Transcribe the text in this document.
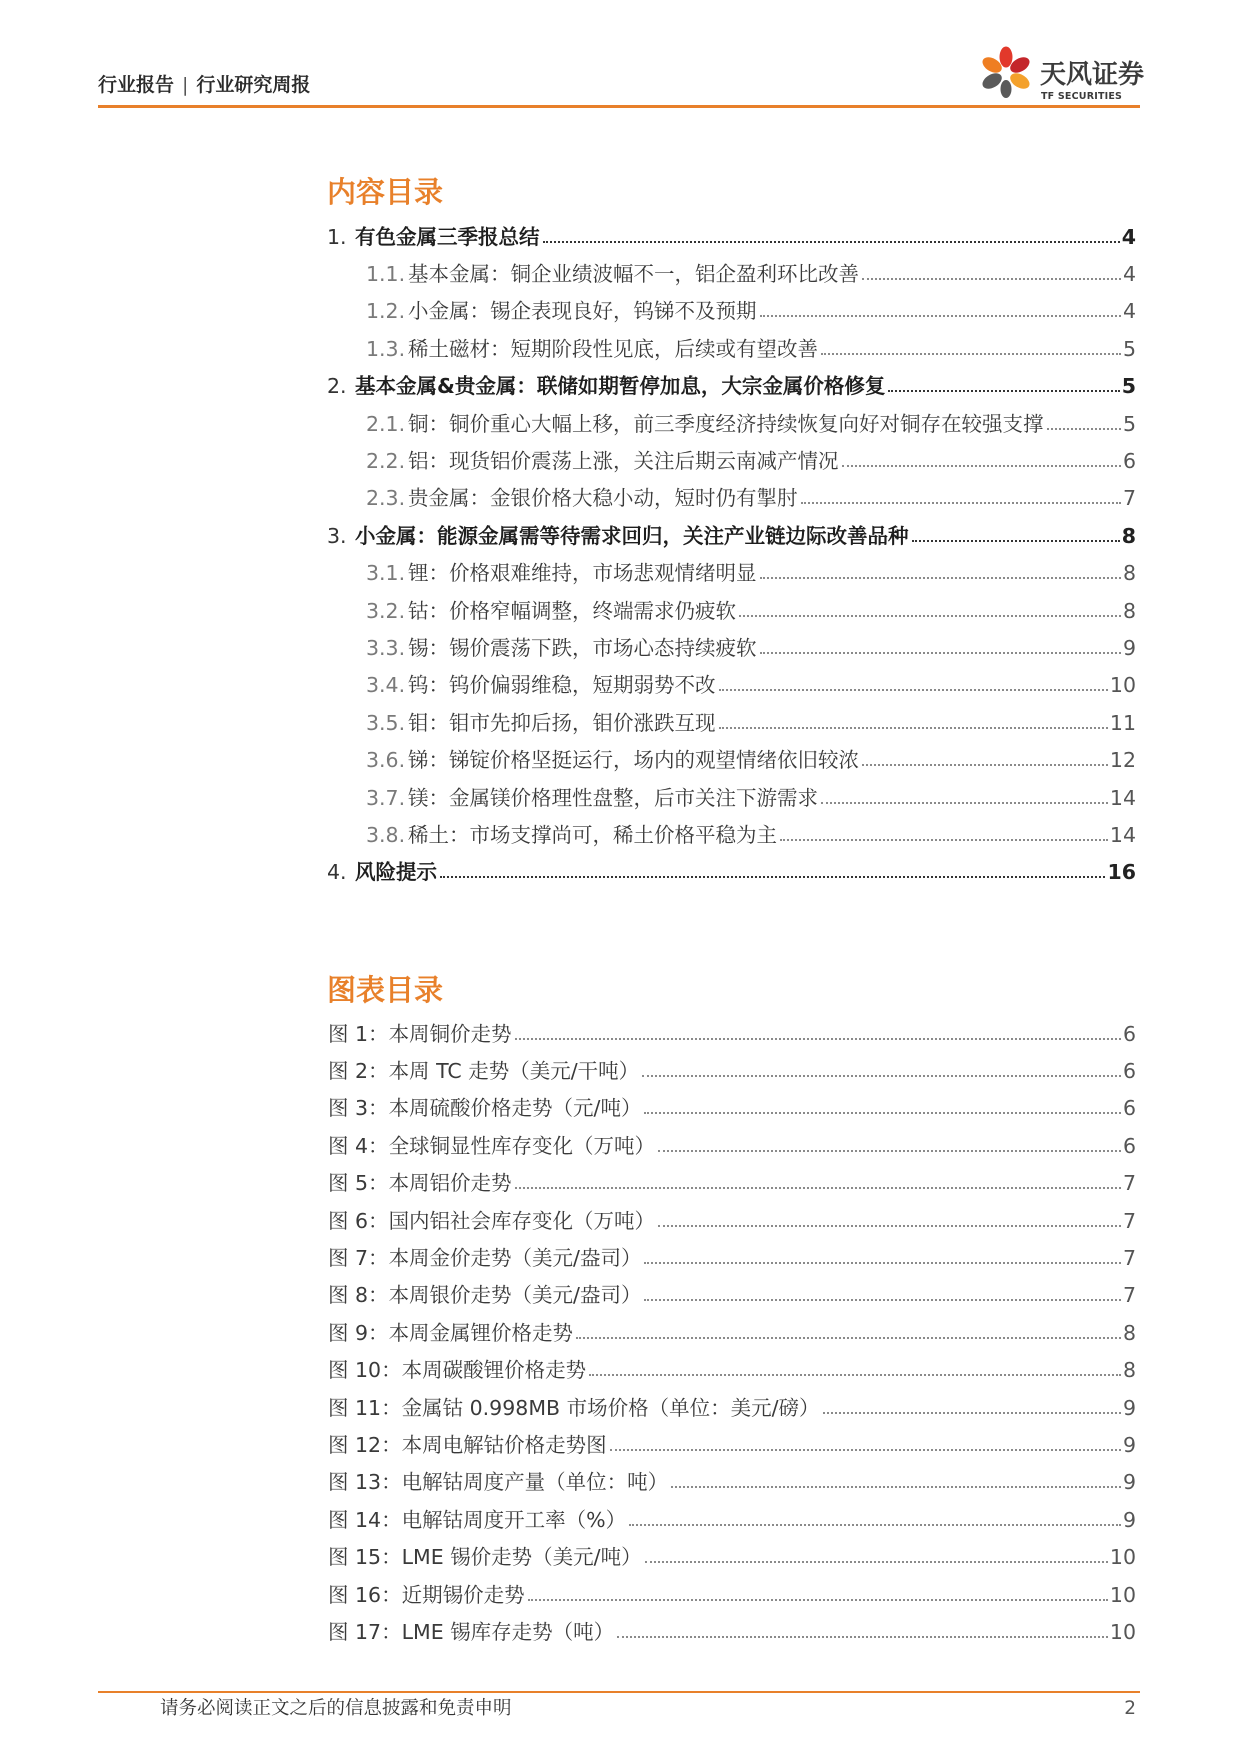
行业报告 | 行业研究周报	天风证券
TF SECURITIES
内容目录
1. 有色金属三季报总结	4
1.1. 基本金属：铜企业绩波幅不一，铝企盈利环比改善	4
1.2. 小金属：锡企表现良好，钨锑不及预期	4
1.3. 稀土磁材：短期阶段性见底，后续或有望改善	5
2. 基本金属&贵金属：联储如期暂停加息，大宗金属价格修复	5
2.1. 铜：铜价重心大幅上移，前三季度经济持续恢复向好对铜存在较强支撑	5
2.2. 铝：现货铝价震荡上涨，关注后期云南减产情况	6
2.3. 贵金属：金银价格大稳小动，短时仍有掣肘	7
3. 小金属：能源金属需等待需求回归，关注产业链边际改善品种	8
3.1. 锂：价格艰难维持，市场悲观情绪明显	8
3.2. 钴：价格窄幅调整，终端需求仍疲软	8
3.3. 锡：锡价震荡下跌，市场心态持续疲软	9
3.4. 钨：钨价偏弱维稳，短期弱势不改	10
3.5. 钼：钼市先抑后扬，钼价涨跌互现	11
3.6. 锑：锑锭价格坚挺运行，场内的观望情绪依旧较浓	12
3.7. 镁：金属镁价格理性盘整，后市关注下游需求	14
3.8. 稀土：市场支撑尚可，稀土价格平稳为主	14
4. 风险提示	16
图表目录
图 1： 本周铜价走势	6
图 2： 本周 TC 走势（美元/干吨）	6
图 3： 本周硫酸价格走势（元/吨）	6
图 4： 全球铜显性库存变化（万吨）	6
图 5： 本周铝价走势	7
图 6： 国内铝社会库存变化（万吨）	7
图 7： 本周金价走势（美元/盎司）	7
图 8： 本周银价走势（美元/盎司）	7
图 9： 本周金属锂价格走势	8
图 10： 本周碳酸锂价格走势	8
图 11： 金属钴 0.998MB 市场价格（单位：美元/磅）	9
图 12： 本周电解钴价格走势图	9
图 13： 电解钴周度产量（单位：吨）	9
图 14： 电解钴周度开工率（%）	9
图 15： LME 锡价走势（美元/吨）	10
图 16： 近期锡价走势	10
图 17： LME 锡库存走势（吨）	10
请务必阅读正文之后的信息披露和免责申明	2
